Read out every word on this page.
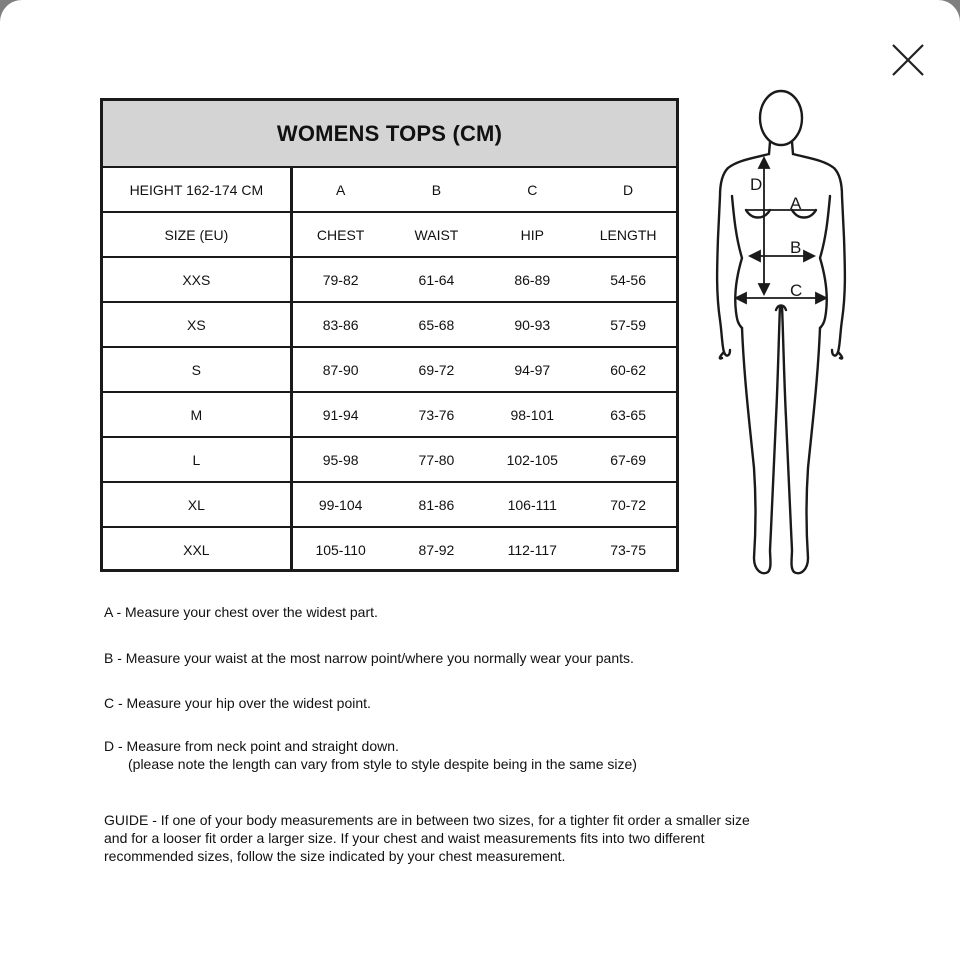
WOMENS TOPS (CM)
HEIGHT 162-174 CM	A	B	C	D
SIZE (EU)	CHEST	WAIST	HIP	LENGTH
XXS	79-82	61-64	86-89	54-56
XS	83-86	65-68	90-93	57-59
S	87-90	69-72	94-97	60-62
M	91-94	73-76	98-101	63-65
L	95-98	77-80	102-105	67-69
XL	99-104	81-86	106-111	70-72
XXL	105-110	87-92	112-117	73-75
D
A
B
C
A - Measure your chest over the widest part.
B - Measure your waist at the most narrow point/where you normally wear your pants.
C - Measure your hip over the widest point.
D - Measure from neck point and straight down.
(please note the length can vary from style to style despite being in the same size)
GUIDE - If one of your body measurements are in between two sizes, for a tighter fit order a smaller size
and for a looser fit order a larger size. If your chest and waist measurements fits into two different
recommended sizes, follow the size indicated by your chest measurement.
